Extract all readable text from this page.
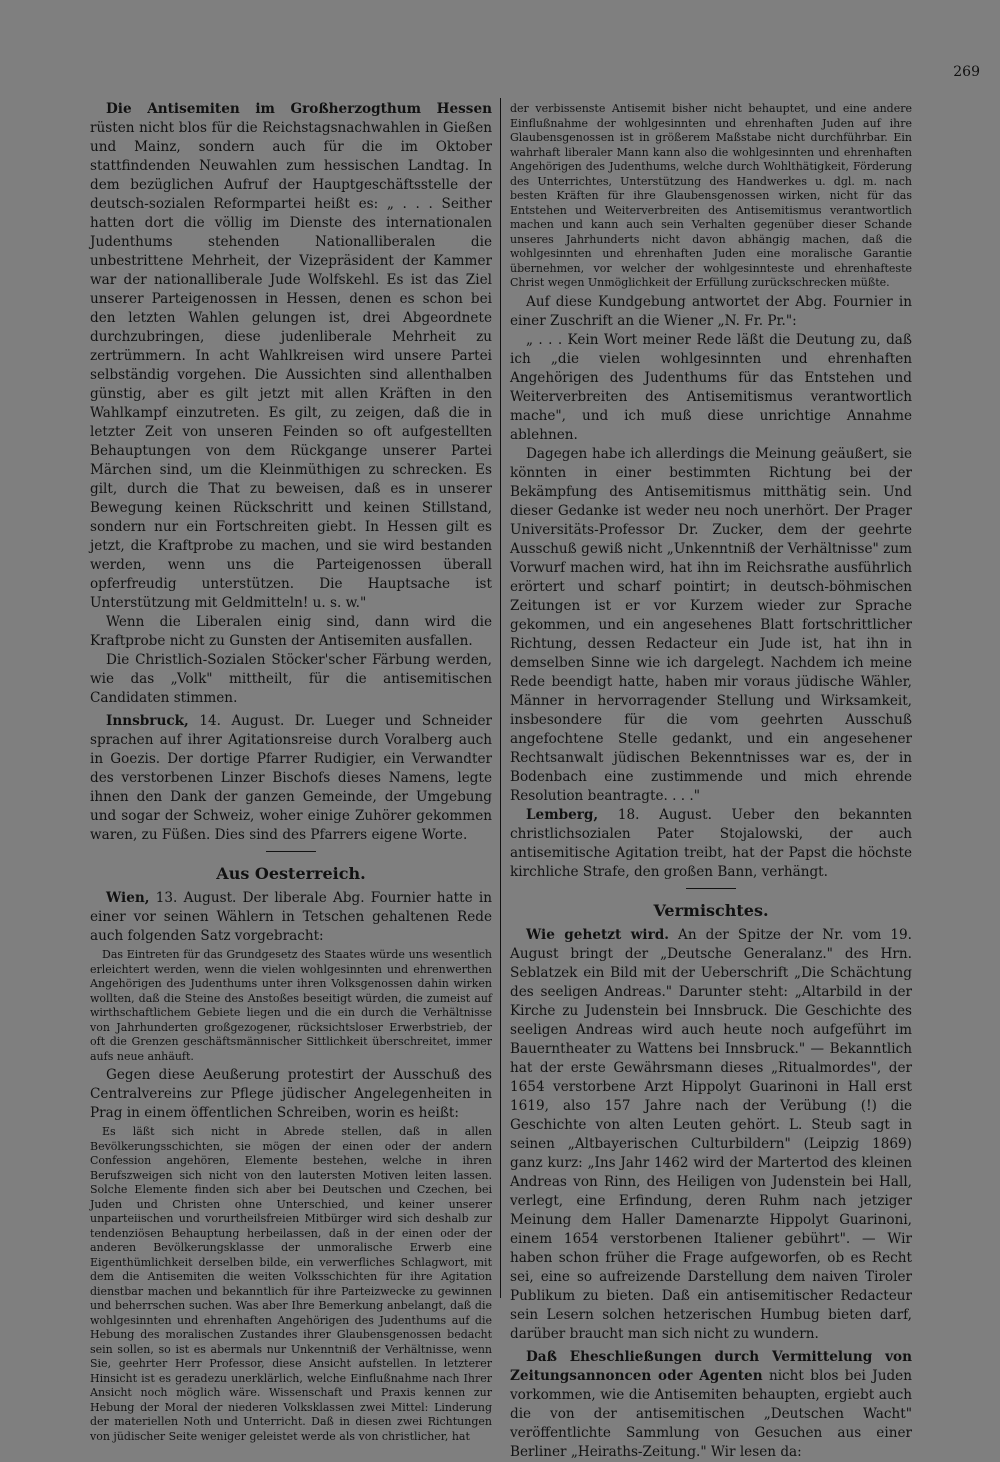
269

Die Antisemiten im Großherzogthum Hessen rüsten nicht blos für die Reichstagsnachwahlen in Gießen und Mainz, sondern auch für die im Oktober stattfindenden Neuwahlen zum hessischen Landtag. In dem bezüglichen Aufruf der Hauptgeschäftsstelle der deutsch-sozialen Reformpartei heißt es: „ . . . Seither hatten dort die völlig im Dienste des internationalen Judenthums stehenden Nationalliberalen die unbestrittene Mehrheit, der Vizepräsident der Kammer war der nationalliberale Jude Wolfskehl. Es ist das Ziel unserer Parteigenossen in Hessen, denen es schon bei den letzten Wahlen gelungen ist, drei Abgeordnete durchzubringen, diese judenliberale Mehrheit zu zertrümmern. In acht Wahlkreisen wird unsere Partei selbständig vorgehen. Die Aussichten sind allenthalben günstig, aber es gilt jetzt mit allen Kräften in den Wahlkampf einzutreten. Es gilt, zu zeigen, daß die in letzter Zeit von unseren Feinden so oft aufgestellten Behauptungen von dem Rückgange unserer Partei Märchen sind, um die Kleinmüthigen zu schrecken. Es gilt, durch die That zu beweisen, daß es in unserer Bewegung keinen Rückschritt und keinen Stillstand, sondern nur ein Fortschreiten giebt. In Hessen gilt es jetzt, die Kraftprobe zu machen, und sie wird bestanden werden, wenn uns die Parteigenossen überall opferfreudig unterstützen. Die Hauptsache ist Unterstützung mit Geldmitteln! u. s. w."

Wenn die Liberalen einig sind, dann wird die Kraftprobe nicht zu Gunsten der Antisemiten ausfallen.

Die Christlich-Sozialen Stöcker'scher Färbung werden, wie das „Volk" mittheilt, für die antisemitischen Candidaten stimmen.

Innsbruck, 14. August. Dr. Lueger und Schneider sprachen auf ihrer Agitationsreise durch Voralberg auch in Goezis. Der dortige Pfarrer Rudigier, ein Verwandter des verstorbenen Linzer Bischofs dieses Namens, legte ihnen den Dank der ganzen Gemeinde, der Umgebung und sogar der Schweiz, woher einige Zuhörer gekommen waren, zu Füßen. Dies sind des Pfarrers eigene Worte.

Aus Oesterreich.

Wien, 13. August. Der liberale Abg. Fournier hatte in einer vor seinen Wählern in Tetschen gehaltenen Rede auch folgenden Satz vorgebracht:

Das Eintreten für das Grundgesetz des Staates würde uns wesentlich erleichtert werden, wenn die vielen wohlgesinnten und ehrenwerthen Angehörigen des Judenthums unter ihren Volksgenossen dahin wirken wollten, daß die Steine des Anstoßes beseitigt würden, die zumeist auf wirthschaftlichem Gebiete liegen und die ein durch die Verhältnisse von Jahrhunderten großgezogener, rücksichtsloser Erwerbstrieb, der oft die Grenzen geschäftsmännischer Sittlichkeit überschreitet, immer aufs neue anhäuft.

Gegen diese Aeußerung protestirt der Ausschuß des Centralvereins zur Pflege jüdischer Angelegenheiten in Prag in einem öffentlichen Schreiben, worin es heißt:

Es läßt sich nicht in Abrede stellen, daß in allen Bevölkerungsschichten, sie mögen der einen oder der andern Confession angehören, Elemente bestehen, welche in ihren Berufszweigen sich nicht von den lautersten Motiven leiten lassen. Solche Elemente finden sich aber bei Deutschen und Czechen, bei Juden und Christen ohne Unterschied, und keiner unserer unparteiischen und vorurtheilsfreien Mitbürger wird sich deshalb zur tendenziösen Behauptung herbeilassen, daß in der einen oder der anderen Bevölkerungsklasse der unmoralische Erwerb eine Eigenthümlichkeit derselben bilde, ein verwerfliches Schlagwort, mit dem die Antisemiten die weiten Volksschichten für ihre Agitation dienstbar machen und bekanntlich für ihre Parteizwecke zu gewinnen und beherrschen suchen. Was aber Ihre Bemerkung anbelangt, daß die wohlgesinnten und ehrenhaften Angehörigen des Judenthums auf die Hebung des moralischen Zustandes ihrer Glaubensgenossen bedacht sein sollen, so ist es abermals nur Unkenntniß der Verhältnisse, wenn Sie, geehrter Herr Professor, diese Ansicht aufstellen. In letzterer Hinsicht ist es geradezu unerklärlich, welche Einflußnahme nach Ihrer Ansicht noch möglich wäre. Wissenschaft und Praxis kennen zur Hebung der Moral der niederen Volksklassen zwei Mittel: Linderung der materiellen Noth und Unterricht. Daß in diesen zwei Richtungen von jüdischer Seite weniger geleistet werde als von christlicher, hat

der verbissenste Antisemit bisher nicht behauptet, und eine andere Einflußnahme der wohlgesinnten und ehrenhaften Juden auf ihre Glaubensgenossen ist in größerem Maßstabe nicht durchführbar. Ein wahrhaft liberaler Mann kann also die wohlgesinnten und ehrenhaften Angehörigen des Judenthums, welche durch Wohlthätigkeit, Förderung des Unterrichtes, Unterstützung des Handwerkes u. dgl. m. nach besten Kräften für ihre Glaubensgenossen wirken, nicht für das Entstehen und Weiterverbreiten des Antisemitismus verantwortlich machen und kann auch sein Verhalten gegenüber dieser Schande unseres Jahrhunderts nicht davon abhängig machen, daß die wohlgesinnten und ehrenhaften Juden eine moralische Garantie übernehmen, vor welcher der wohlgesinnteste und ehrenhafteste Christ wegen Unmöglichkeit der Erfüllung zurückschrecken müßte.

Auf diese Kundgebung antwortet der Abg. Fournier in einer Zuschrift an die Wiener „N. Fr. Pr.":

„ . . . Kein Wort meiner Rede läßt die Deutung zu, daß ich „die vielen wohlgesinnten und ehrenhaften Angehörigen des Judenthums für das Entstehen und Weiterverbreiten des Antisemitismus verantwortlich mache", und ich muß diese unrichtige Annahme ablehnen.

Dagegen habe ich allerdings die Meinung geäußert, sie könnten in einer bestimmten Richtung bei der Bekämpfung des Antisemitismus mitthätig sein. Und dieser Gedanke ist weder neu noch unerhört. Der Prager Universitäts-Professor Dr. Zucker, dem der geehrte Ausschuß gewiß nicht „Unkenntniß der Verhältnisse" zum Vorwurf machen wird, hat ihn im Reichsrathe ausführlich erörtert und scharf pointirt; in deutsch-böhmischen Zeitungen ist er vor Kurzem wieder zur Sprache gekommen, und ein angesehenes Blatt fortschrittlicher Richtung, dessen Redacteur ein Jude ist, hat ihn in demselben Sinne wie ich dargelegt. Nachdem ich meine Rede beendigt hatte, haben mir voraus jüdische Wähler, Männer in hervorragender Stellung und Wirksamkeit, insbesondere für die vom geehrten Ausschuß angefochtene Stelle gedankt, und ein angesehener Rechtsanwalt jüdischen Bekenntnisses war es, der in Bodenbach eine zustimmende und mich ehrende Resolution beantragte. . . ."

Lemberg, 18. August. Ueber den bekannten christlichsozialen Pater Stojalowski, der auch antisemitische Agitation treibt, hat der Papst die höchste kirchliche Strafe, den großen Bann, verhängt.

Vermischtes.

Wie gehetzt wird. An der Spitze der Nr. vom 19. August bringt der „Deutsche Generalanz." des Hrn. Seblatzek ein Bild mit der Ueberschrift „Die Schächtung des seeligen Andreas." Darunter steht: „Altarbild in der Kirche zu Judenstein bei Innsbruck. Die Geschichte des seeligen Andreas wird auch heute noch aufgeführt im Bauerntheater zu Wattens bei Innsbruck." — Bekanntlich hat der erste Gewährsmann dieses „Ritualmordes", der 1654 verstorbene Arzt Hippolyt Guarinoni in Hall erst 1619, also 157 Jahre nach der Verübung (!) die Geschichte von alten Leuten gehört. L. Steub sagt in seinen „Altbayerischen Culturbildern" (Leipzig 1869) ganz kurz: „Ins Jahr 1462 wird der Martertod des kleinen Andreas von Rinn, des Heiligen von Judenstein bei Hall, verlegt, eine Erfindung, deren Ruhm nach jetziger Meinung dem Haller Damenarzte Hippolyt Guarinoni, einem 1654 verstorbenen Italiener gebührt". — Wir haben schon früher die Frage aufgeworfen, ob es Recht sei, eine so aufreizende Darstellung dem naiven Tiroler Publikum zu bieten. Daß ein antisemitischer Redacteur sein Lesern solchen hetzerischen Humbug bieten darf, darüber braucht man sich nicht zu wundern.

Daß Eheschließungen durch Vermittelung von Zeitungsannoncen oder Agenten nicht blos bei Juden vorkommen, wie die Antisemiten behaupten, ergiebt auch die von der antisemitischen „Deutschen Wacht" veröffentlichte Sammlung von Gesuchen aus einer Berliner „Heiraths-Zeitung." Wir lesen da:
